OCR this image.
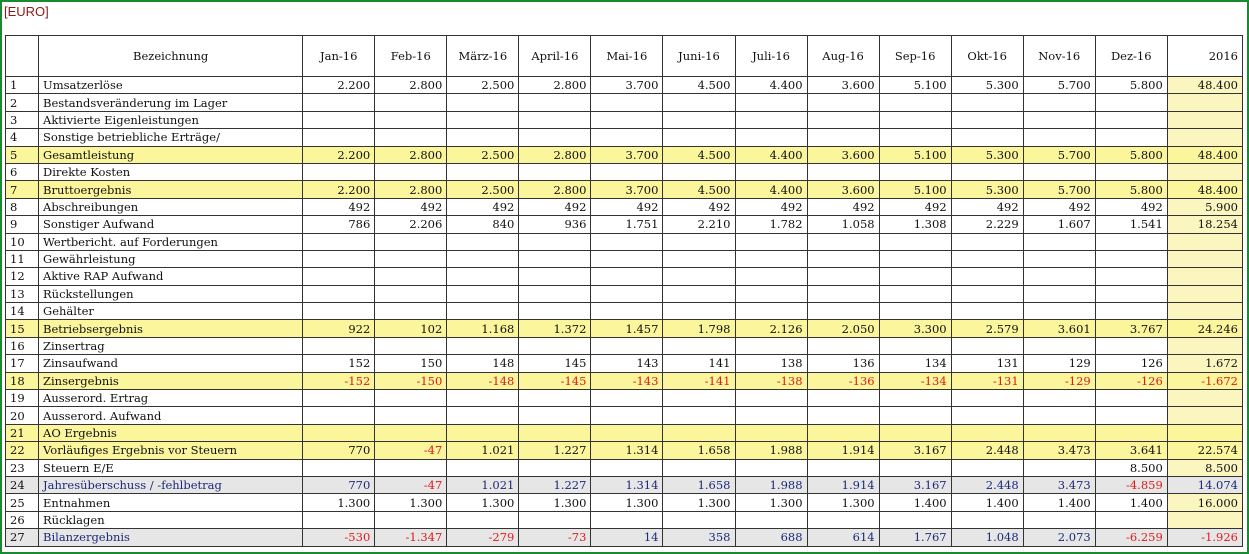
[EURO]
	Bezeichnung	Jan-16	Feb-16	März-16	April-16	Mai-16	Juni-16	Juli-16	Aug-16	Sep-16	Okt-16	Nov-16	Dez-16	2016
1	Umsatzerlöse	2.200	2.800	2.500	2.800	3.700	4.500	4.400	3.600	5.100	5.300	5.700	5.800	48.400
2	Bestandsveränderung im Lager													
3	Aktivierte Eigenleistungen													
4	Sonstige betriebliche Erträge/													
5	Gesamtleistung	2.200	2.800	2.500	2.800	3.700	4.500	4.400	3.600	5.100	5.300	5.700	5.800	48.400
6	Direkte Kosten													
7	Bruttoergebnis	2.200	2.800	2.500	2.800	3.700	4.500	4.400	3.600	5.100	5.300	5.700	5.800	48.400
8	Abschreibungen	492	492	492	492	492	492	492	492	492	492	492	492	5.900
9	Sonstiger Aufwand	786	2.206	840	936	1.751	2.210	1.782	1.058	1.308	2.229	1.607	1.541	18.254
10	Wertbericht. auf Forderungen													
11	Gewährleistung													
12	Aktive RAP Aufwand													
13	Rückstellungen													
14	Gehälter													
15	Betriebsergebnis	922	102	1.168	1.372	1.457	1.798	2.126	2.050	3.300	2.579	3.601	3.767	24.246
16	Zinsertrag													
17	Zinsaufwand	152	150	148	145	143	141	138	136	134	131	129	126	1.672
18	Zinsergebnis	-152	-150	-148	-145	-143	-141	-138	-136	-134	-131	-129	-126	-1.672
19	Ausserord. Ertrag													
20	Ausserord. Aufwand													
21	AO Ergebnis													
22	Vorläufiges Ergebnis vor Steuern	770	-47	1.021	1.227	1.314	1.658	1.988	1.914	3.167	2.448	3.473	3.641	22.574
23	Steuern E/E												8.500	8.500
24	Jahresüberschuss / -fehlbetrag	770	-47	1.021	1.227	1.314	1.658	1.988	1.914	3.167	2.448	3.473	-4.859	14.074
25	Entnahmen	1.300	1.300	1.300	1.300	1.300	1.300	1.300	1.300	1.400	1.400	1.400	1.400	16.000
26	Rücklagen													
27	Bilanzergebnis	-530	-1.347	-279	-73	14	358	688	614	1.767	1.048	2.073	-6.259	-1.926
